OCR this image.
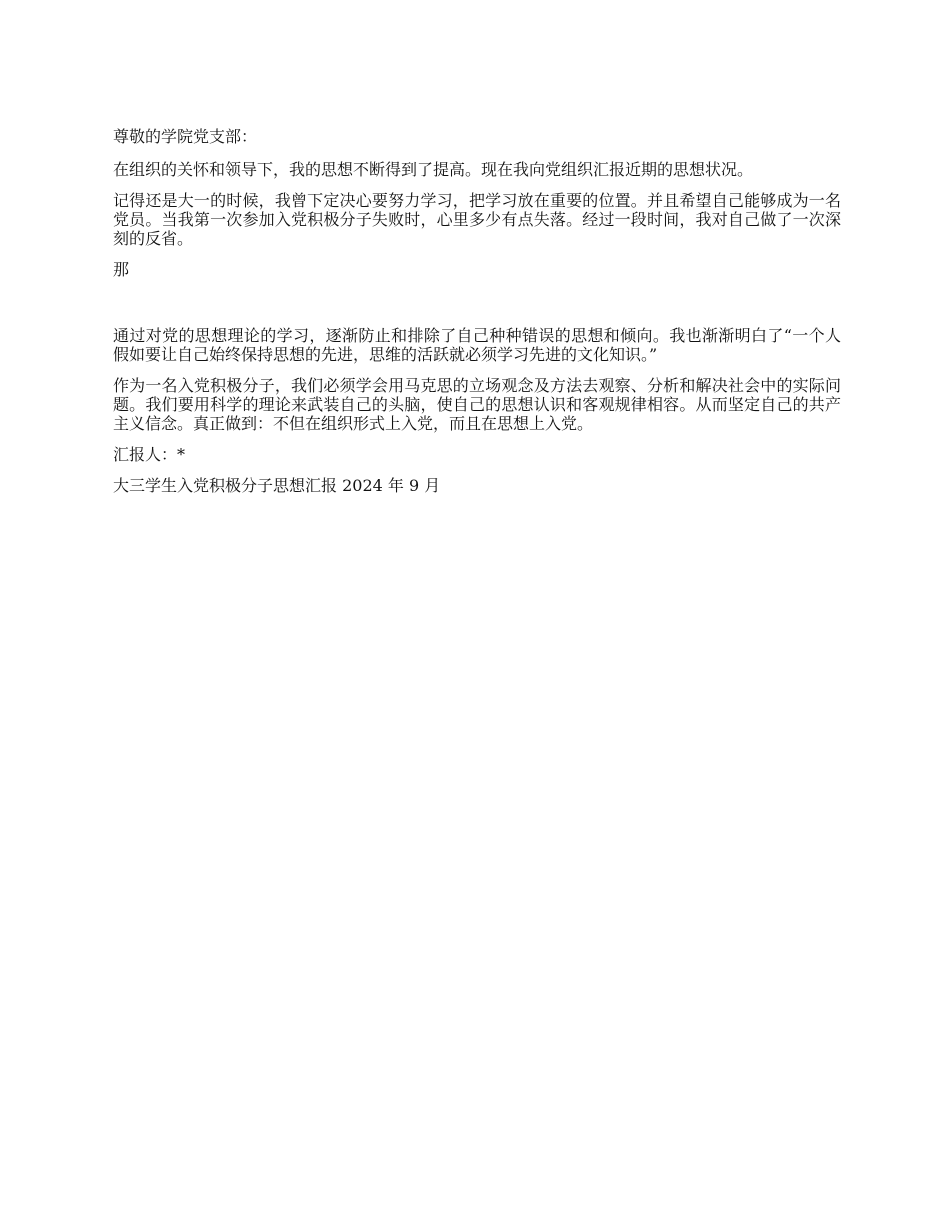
尊敬的学院党支部：

在组织的关怀和领导下，我的思想不断得到了提高。现在我向党组织汇报近期的思想状况。

记得还是大一的时候，我曾下定决心要努力学习，把学习放在重要的位置。并且希望自己能够成为一名党员。当我第一次参加入党积极分子失败时，心里多少有点失落。经过一段时间，我对自己做了一次深刻的反省。

那

通过对党的思想理论的学习，逐渐防止和排除了自己种种错误的思想和倾向。我也渐渐明白了“一个人假如要让自己始终保持思想的先进，思维的活跃就必须学习先进的文化知识。”

作为一名入党积极分子，我们必须学会用马克思的立场观念及方法去观察、分析和解决社会中的实际问题。我们要用科学的理论来武装自己的头脑，使自己的思想认识和客观规律相容。从而坚定自己的共产主义信念。真正做到：不但在组织形式上入党，而且在思想上入党。

汇报人：*

大三学生入党积极分子思想汇报 2024 年 9 月
